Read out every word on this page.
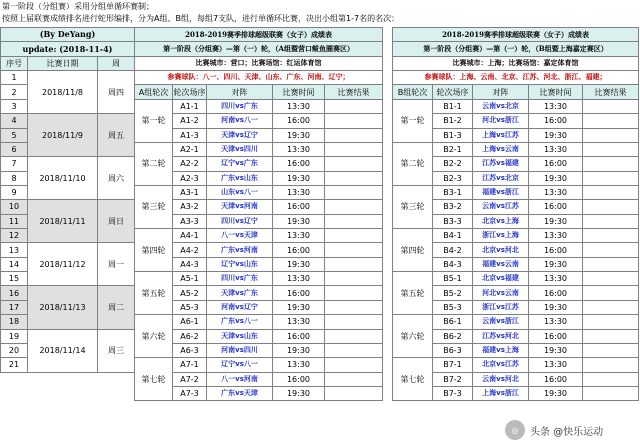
第一阶段（分组赛）采用分组单循环赛制；
按照上届联赛成绩排名进行蛇形编排，分为A组、B组，每组7支队，进行单循环比赛，决出小组第1-7名的名次：
(By DeYang)		

update: (2018-11-4)		

序号	比赛日期	周
1	2018/11/8	周四
2		
3		
4	2018/11/9	周五
5		
6		
7	2018/11/10	周六
8		
9		
10	2018/11/11	周日
11		
12		
13	2018/11/12	周一
14		
15		
16	2018/11/13	周二
17		
18		
19	2018/11/14	周三
20		
21		
2018-2019赛季排球超级联赛（女子）成绩表				
第一阶段（分组赛）—第（一）轮，（A组暨营口鲅鱼圈赛区）				
比赛城市：营口；比赛场馆：红运体育馆				
参赛球队：八一、四川、天津、山东、广东、河南、辽宁；				
A组轮次	轮次场序	对阵	比赛时间	比赛结果
第一轮	A1-1	四川vs广东	13:30	
	A1-2	河南vs八一	16:00	
	A1-3	天津vs辽宁	19:30	
第二轮	A2-1	天津vs四川	13:30	
	A2-2	辽宁vs广东	16:00	
	A2-3	广东vs山东	19:30	
第三轮	A3-1	山东vs八一	13:30	
	A3-2	天津vs河南	16:00	
	A3-3	四川vs辽宁	19:30	
第四轮	A4-1	八一vs天津	13:30	
	A4-2	广东vs河南	16:00	
	A4-3	辽宁vs山东	19:30	
第五轮	A5-1	四川vs广东	13:30	
	A5-2	天津vs广东	16:00	
	A5-3	河南vs辽宁	19:30	
第六轮	A6-1	广东vs八一	13:30	
	A6-2	天津vs山东	16:00	
	A6-3	河南vs四川	19:30	
第七轮	A7-1	辽宁vs八一	13:30	
	A7-2	八一vs河南	16:00	
	A7-3	广东vs天津	19:30	
2018-2019赛季排球超级联赛（女子）成绩表				
第一阶段（分组赛）—第（一）轮，（B组暨上海嘉定赛区）				
比赛城市：上海；比赛场馆：嘉定体育馆				
参赛球队：上海、云南、北京、江苏、河北、浙江、福建；				
B组轮次	轮次场序	对阵	比赛时间	比赛结果
第一轮	B1-1	云南vs北京	13:30	
	B1-2	河北vs浙江	16:00	
	B1-3	上海vs江苏	19:30	
第二轮	B2-1	上海vs云南	13:30	
	B2-2	江苏vs福建	16:00	
	B2-3	江苏vs北京	19:30	
第三轮	B3-1	福建vs浙江	13:30	
	B3-2	云南vs江苏	16:00	
	B3-3	北京vs上海	19:30	
第四轮	B4-1	浙江vs上海	13:30	
	B4-2	北京vs河北	16:00	
	B4-3	福建vs云南	19:30	
第五轮	B5-1	北京vs福建	13:30	
	B5-2	河北vs云南	16:00	
	B5-3	浙江vs江苏	19:30	
第六轮	B6-1	云南vs浙江	13:30	
	B6-2	江苏vs河北	16:00	
	B6-3	福建vs上海	19:30	
第七轮	B7-1	北京vs江苏	13:30	
	B7-2	云南vs河北	16:00	
	B7-3	上海vs浙江	19:30	
◎	头条 @快乐运动
